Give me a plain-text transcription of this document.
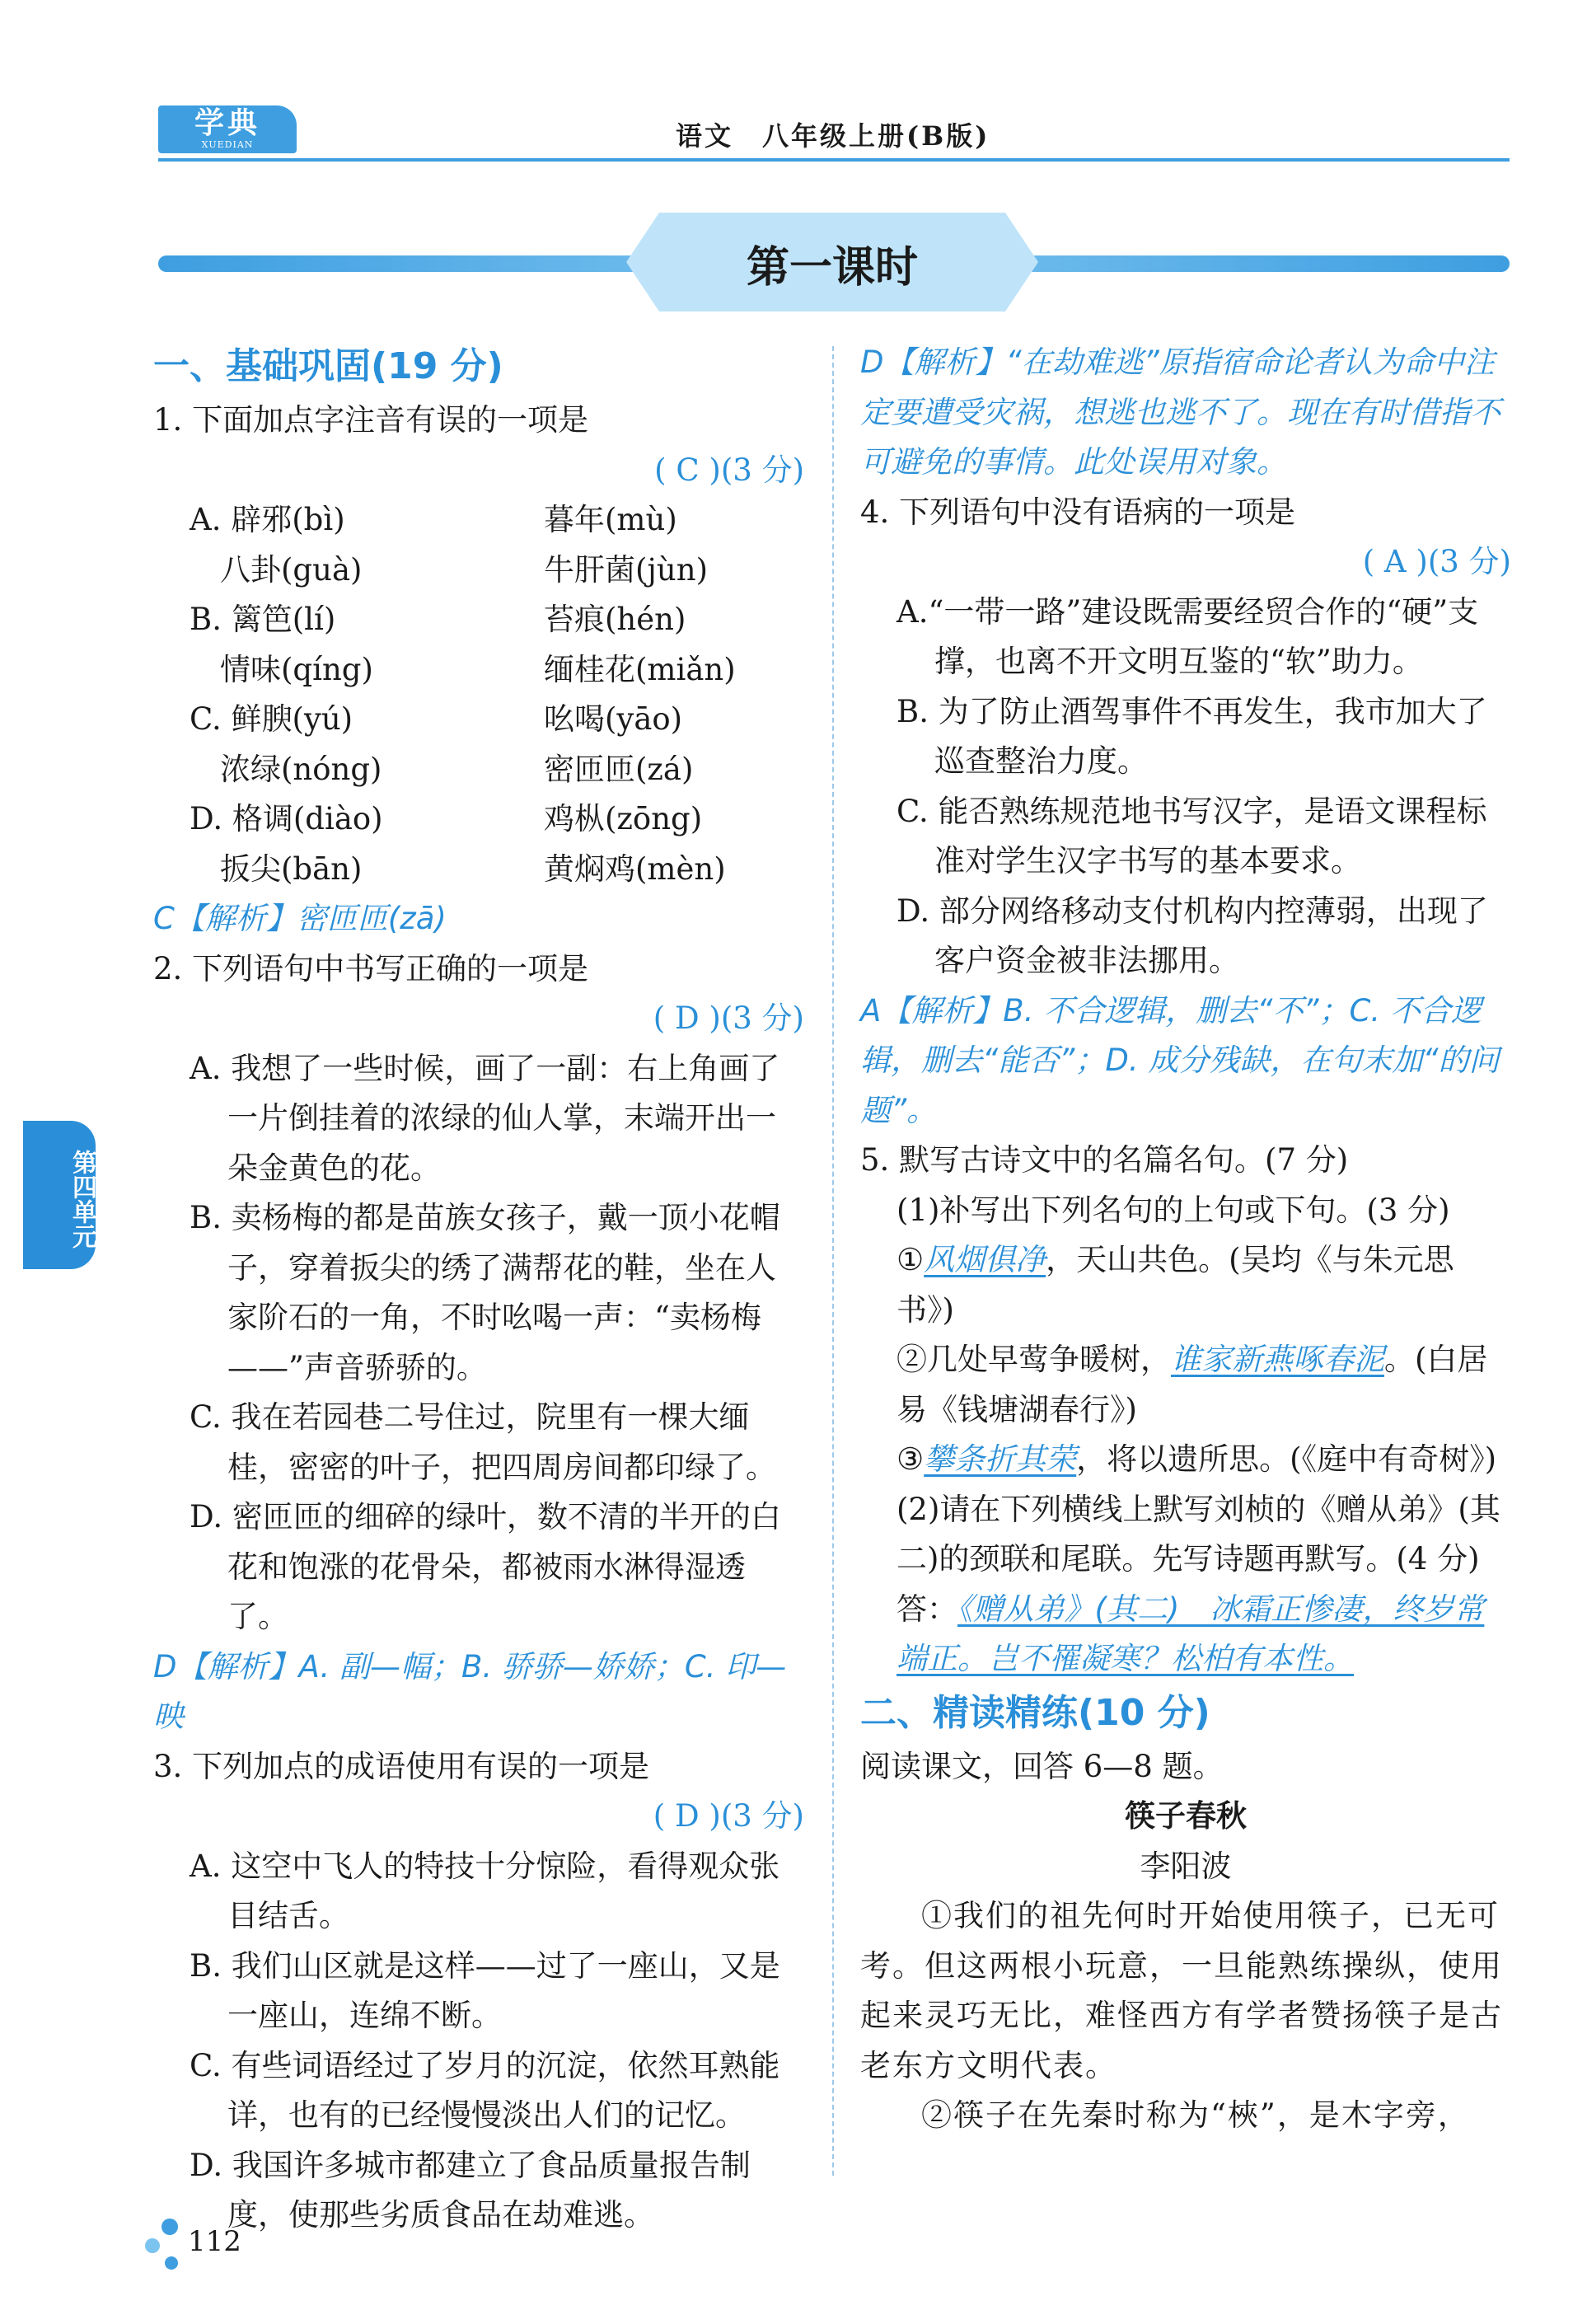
学典
XUEDIAN	语文　八年级上册(B版)
第一课时
一、基础巩固(19 分)
1. 下面加点字注音有误的一项是
( C )(3 分)
A. 辟邪(bì)	暮年(mù)
　八卦(guà)	牛肝菌(jùn)
B. 篱笆(lí)	苔痕(hén)
　情味(qíng)	缅桂花(miǎn)
C. 鲜腴(yú)	吆喝(yāo)
　浓绿(nóng)	密匝匝(zá)
D. 格调(diào)	鸡枞(zōng)
　扳尖(bān)	黄焖鸡(mèn)
C【解析】密匝匝(zā)
2. 下列语句中书写正确的一项是
( D )(3 分)
A. 我想了一些时候，画了一副：右上角画了一片倒挂着的浓绿的仙人掌，末端开出一朵金黄色的花。
B. 卖杨梅的都是苗族女孩子，戴一顶小花帽子，穿着扳尖的绣了满帮花的鞋，坐在人家阶石的一角，不时吆喝一声：“卖杨梅——”声音骄骄的。
C. 我在若园巷二号住过，院里有一棵大缅桂，密密的叶子，把四周房间都印绿了。
D. 密匝匝的细碎的绿叶，数不清的半开的白花和饱涨的花骨朵，都被雨水淋得湿透了。
D【解析】A. 副—幅；B. 骄骄—娇娇；C. 印—映
3. 下列加点的成语使用有误的一项是
( D )(3 分)
A. 这空中飞人的特技十分惊险，看得观众张目结舌。
B. 我们山区就是这样——过了一座山，又是一座山，连绵不断。
C. 有些词语经过了岁月的沉淀，依然耳熟能详，也有的已经慢慢淡出人们的记忆。
D. 我国许多城市都建立了食品质量报告制度，使那些劣质食品在劫难逃。
D【解析】“在劫难逃”原指宿命论者认为命中注定要遭受灾祸，想逃也逃不了。现在有时借指不可避免的事情。此处误用对象。
4. 下列语句中没有语病的一项是
( A )(3 分)
A.“一带一路”建设既需要经贸合作的“硬”支撑，也离不开文明互鉴的“软”助力。
B. 为了防止酒驾事件不再发生，我市加大了巡查整治力度。
C. 能否熟练规范地书写汉字，是语文课程标准对学生汉字书写的基本要求。
D. 部分网络移动支付机构内控薄弱，出现了客户资金被非法挪用。
A【解析】B. 不合逻辑，删去“不”；C. 不合逻辑，删去“能否”；D. 成分残缺，在句末加“的问题”。
5. 默写古诗文中的名篇名句。(7 分)
(1)补写出下列名句的上句或下句。(3 分)
①风烟俱净，天山共色。(吴均《与朱元思书》)
②几处早莺争暖树，谁家新燕啄春泥。(白居易《钱塘湖春行》)
③攀条折其荣，将以遗所思。(《庭中有奇树》)
(2)请在下列横线上默写刘桢的《赠从弟》(其二)的颈联和尾联。先写诗题再默写。(4 分)
答：《赠从弟》(其二)　冰霜正惨凄，终岁常端正。岂不罹凝寒？松柏有本性。
二、精读精练(10 分)
阅读课文，回答 6—8 题。
筷子春秋
李阳波
①我们的祖先何时开始使用筷子，已无可考。但这两根小玩意，一旦能熟练操纵，使用起来灵巧无比，难怪西方有学者赞扬筷子是古老东方文明代表。
②筷子在先秦时称为“梜”，是木字旁，
第四单元
112
